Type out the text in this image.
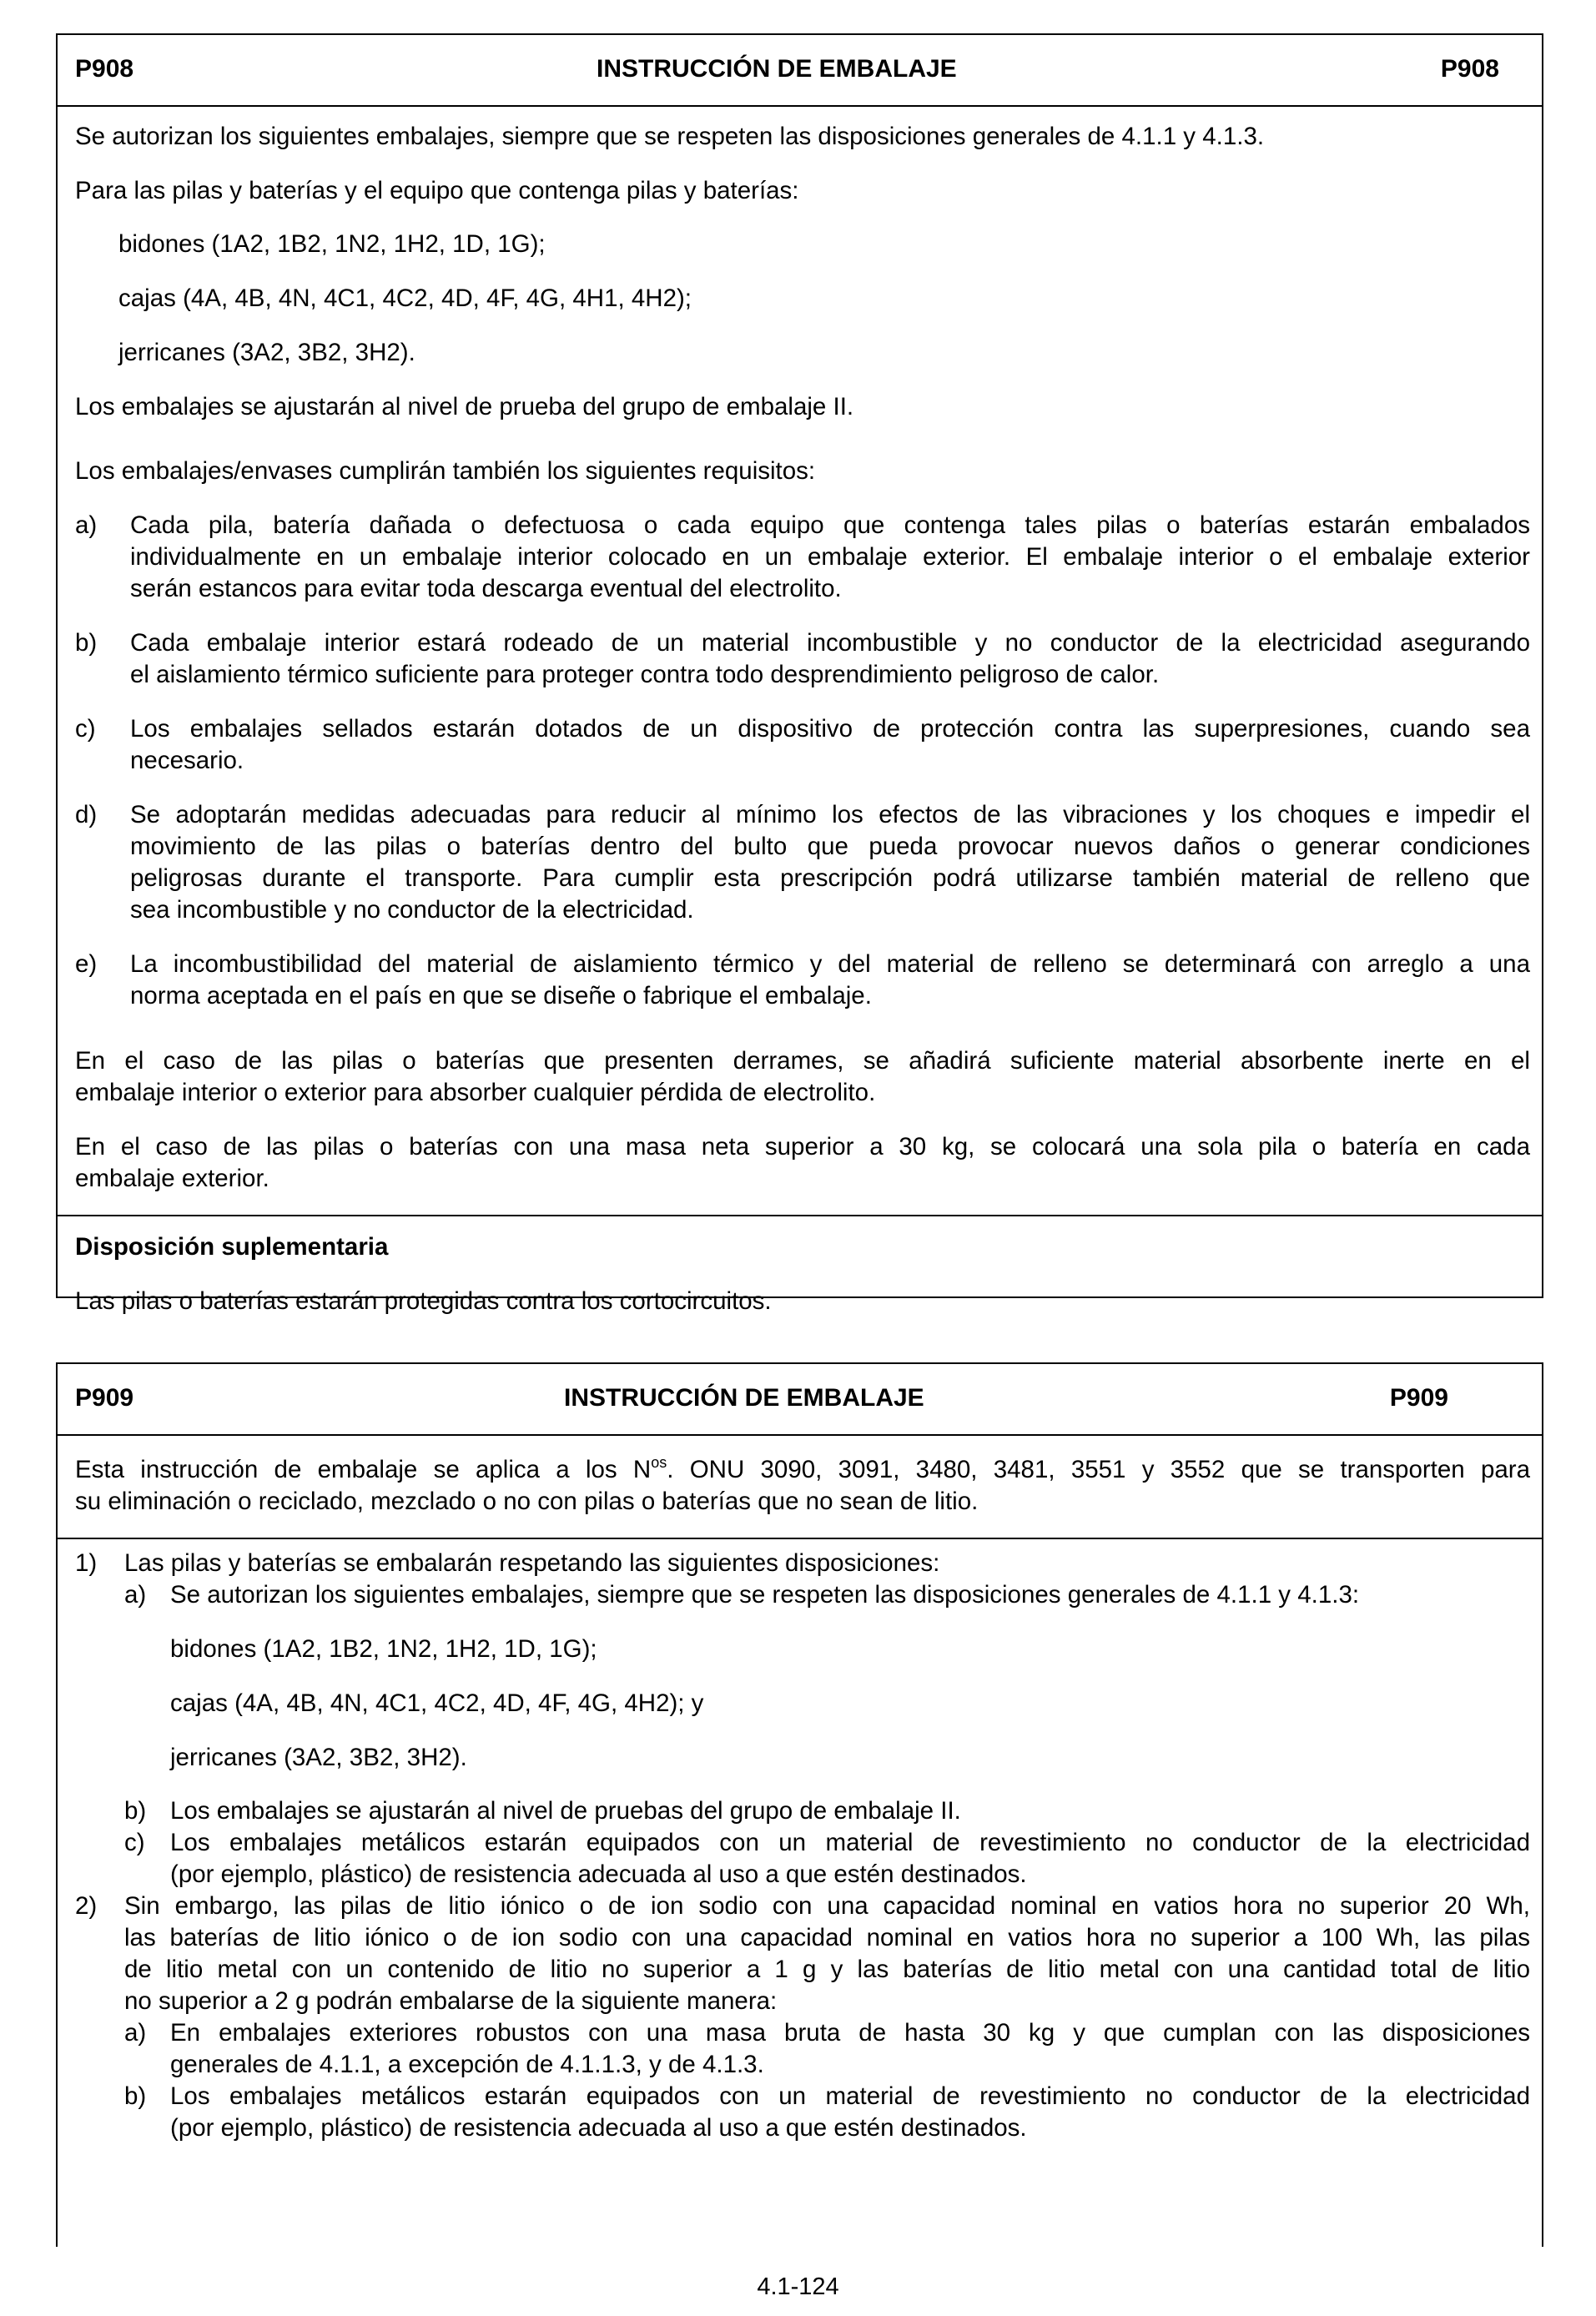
P908	INSTRUCCIÓN DE EMBALAJE	P908
Se autorizan los siguientes embalajes, siempre que se respeten las disposiciones generales de 4.1.1 y 4.1.3.
Para las pilas y baterías y el equipo que contenga pilas y baterías:
bidones (1A2, 1B2, 1N2, 1H2, 1D, 1G);
cajas (4A, 4B, 4N, 4C1, 4C2, 4D, 4F, 4G, 4H1, 4H2);
jerricanes (3A2, 3B2, 3H2).
Los embalajes se ajustarán al nivel de prueba del grupo de embalaje II.
Los embalajes/envases cumplirán también los siguientes requisitos:
a) Cada pila, batería dañada o defectuosa o cada equipo que contenga tales pilas o baterías estarán embalados
individualmente en un embalaje interior colocado en un embalaje exterior. El embalaje interior o el embalaje exterior
serán estancos para evitar toda descarga eventual del electrolito.
b) Cada embalaje interior estará rodeado de un material incombustible y no conductor de la electricidad asegurando
el aislamiento térmico suficiente para proteger contra todo desprendimiento peligroso de calor.
c) Los embalajes sellados estarán dotados de un dispositivo de protección contra las superpresiones, cuando sea
necesario.
d) Se adoptarán medidas adecuadas para reducir al mínimo los efectos de las vibraciones y los choques e impedir el
movimiento de las pilas o baterías dentro del bulto que pueda provocar nuevos daños o generar condiciones
peligrosas durante el transporte. Para cumplir esta prescripción podrá utilizarse también material de relleno que
sea incombustible y no conductor de la electricidad.
e) La incombustibilidad del material de aislamiento térmico y del material de relleno se determinará con arreglo a una
norma aceptada en el país en que se diseñe o fabrique el embalaje.
En el caso de las pilas o baterías que presenten derrames, se añadirá suficiente material absorbente inerte en el
embalaje interior o exterior para absorber cualquier pérdida de electrolito.
En el caso de las pilas o baterías con una masa neta superior a 30 kg, se colocará una sola pila o batería en cada
embalaje exterior.
Disposición suplementaria
Las pilas o baterías estarán protegidas contra los cortocircuitos.
P909	INSTRUCCIÓN DE EMBALAJE	P909
Esta instrucción de embalaje se aplica a los $N^{os}$. ONU 3090, 3091, 3480, 3481, 3551 y 3552 que se transporten para
su eliminación o reciclado, mezclado o no con pilas o baterías que no sean de litio.
1) Las pilas y baterías se embalarán respetando las siguientes disposiciones:
a) Se autorizan los siguientes embalajes, siempre que se respeten las disposiciones generales de 4.1.1 y 4.1.3:
bidones (1A2, 1B2, 1N2, 1H2, 1D, 1G);
cajas (4A, 4B, 4N, 4C1, 4C2, 4D, 4F, 4G, 4H2); y
jerricanes (3A2, 3B2, 3H2).
b) Los embalajes se ajustarán al nivel de pruebas del grupo de embalaje II.
c) Los embalajes metálicos estarán equipados con un material de revestimiento no conductor de la electricidad
(por ejemplo, plástico) de resistencia adecuada al uso a que estén destinados.
2) Sin embargo, las pilas de litio iónico o de ion sodio con una capacidad nominal en vatios hora no superior 20 Wh,
las baterías de litio iónico o de ion sodio con una capacidad nominal en vatios hora no superior a 100 Wh, las pilas
de litio metal con un contenido de litio no superior a 1 g y las baterías de litio metal con una cantidad total de litio
no superior a 2 g podrán embalarse de la siguiente manera:
a) En embalajes exteriores robustos con una masa bruta de hasta 30 kg y que cumplan con las disposiciones
generales de 4.1.1, a excepción de 4.1.1.3, y de 4.1.3.
b) Los embalajes metálicos estarán equipados con un material de revestimiento no conductor de la electricidad
(por ejemplo, plástico) de resistencia adecuada al uso a que estén destinados.
4.1-124
